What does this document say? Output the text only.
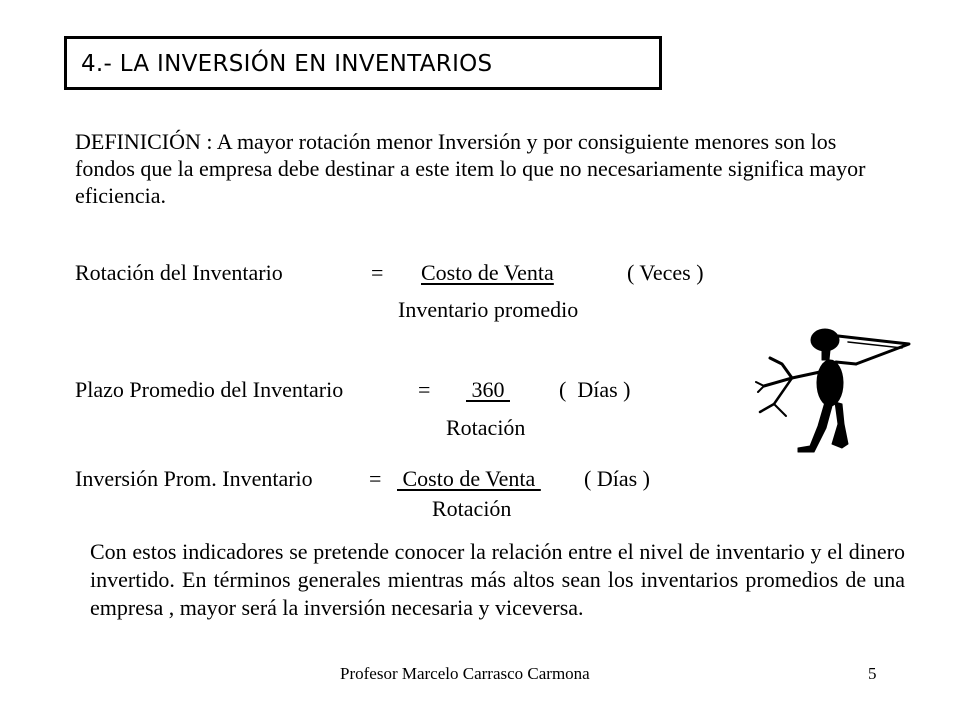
4.- LA INVERSIÓN EN INVENTARIOS

DEFINICIÓN : A mayor rotación menor Inversión y por consiguiente menores son los fondos que la empresa debe destinar a este item lo que no necesariamente significa mayor eficiencia.

Rotación del Inventario	= Costo de Venta	( Veces )
Inventario promedio
Plazo Promedio del Inventario	= 360 (  Días )
Rotación
Inversión Prom. Inventario	= Costo de Venta ( Días )
Rotación

Con estos indicadores se pretende conocer la relación entre el nivel de inventario y el dinero invertido. En términos generales mientras más altos sean los inventarios promedios de una empresa , mayor será la inversión necesaria y viceversa.

Profesor Marcelo Carrasco Carmona	5
